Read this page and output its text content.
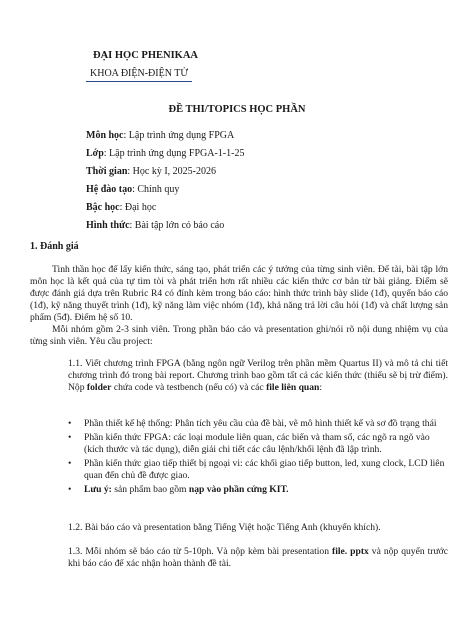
ĐẠI HỌC PHENIKAA
KHOA ĐIỆN-ĐIỆN TỬ
ĐỀ THI/TOPICS HỌC PHẦN
Môn học: Lập trình ứng dụng FPGA
Lớp: Lập trình ứng dụng FPGA-1-1-25
Thời gian: Học kỳ I, 2025-2026
Hệ đào tạo: Chính quy
Bậc học: Đại học
Hình thức: Bài tập lớn có báo cáo
1. Đánh giá
Tinh thần học để lấy kiến thức, sáng tạo, phát triển các ý tưởng của từng sinh viên. Để tài, bài tập lớn môn học là kết quả của tự tìm tòi và phát triển hơn rất nhiều các kiến thức cơ bản từ bài giảng. Điểm sẽ được đánh giá dựa trên Rubric R4 có đính kèm trong báo cáo: hình thức trình bày slide (1đ), quyển báo cáo (1đ), kỹ năng thuyết trình (1đ), kỹ năng làm việc nhóm (1đ), khả năng trả lời câu hỏi (1đ) và chất lượng sản phẩm (5đ). Điểm hệ số 10.
Mỗi nhóm gồm 2-3 sinh viên. Trong phần báo cáo và presentation ghi/nói rõ nội dung nhiệm vụ của từng sinh viên. Yêu cầu project:
1.1. Viết chương trình FPGA (bằng ngôn ngữ Verilog trên phần mềm Quartus II) và mô tả chi tiết chương trình đó trong bài report. Chương trình bao gồm tất cả các kiến thức (thiếu sẽ bị trừ điểm). Nộp folder chứa code và testbench (nếu có) và các file liên quan:
• Phần thiết kế hệ thống: Phân tích yêu cầu của đề bài, vẽ mô hình thiết kế và sơ đồ trạng thái
• Phần kiến thức FPGA: các loại module liên quan, các biến và tham số, các ngõ ra ngõ vào (kích thước và tác dụng), diễn giải chi tiết các câu lệnh/khối lệnh đã lập trình.
• Phần kiến thức giao tiếp thiết bị ngoại vi: các khối giao tiếp button, led, xung clock, LCD liên quan đến chủ đề được giao.
• Lưu ý: sản phẩm bao gồm nạp vào phần cứng KIT.
1.2. Bài báo cáo và presentation bằng Tiếng Việt hoặc Tiếng Anh (khuyến khích).
1.3. Mỗi nhóm sẽ báo cáo từ 5-10ph. Và nộp kèm bài presentation file. pptx và nộp quyển trước khi báo cáo để xác nhận hoàn thành đề tài.
